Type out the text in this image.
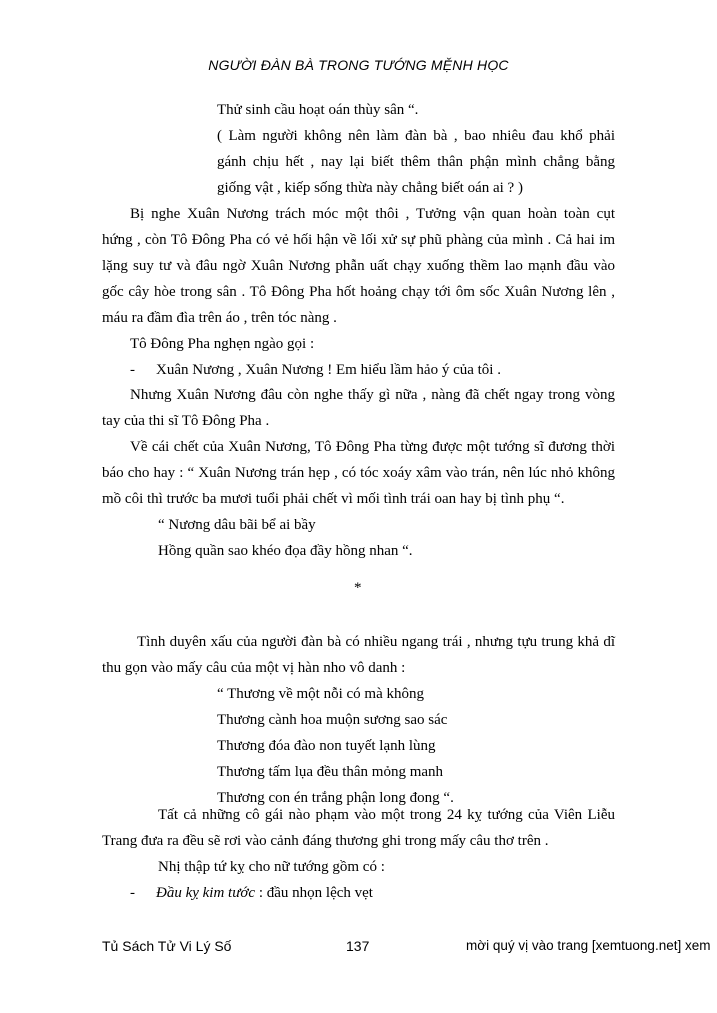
NGƯỜI ĐÀN BÀ TRONG TƯỚNG MỆNH HỌC
Thử sinh cầu hoạt oán thùy sân “.
( Làm người không nên làm đàn bà , bao nhiêu đau khổ phải
gánh chịu hết , nay lại biết thêm thân phận mình chẳng bằng
giống vật , kiếp sống thừa này chẳng biết oán ai ? )
Bị nghe Xuân Nương trách móc một thôi , Tưởng vận quan hoàn toàn cụt
hứng , còn Tô Đông Pha có vẻ hối hận về lối xử sự phũ phàng của mình . Cả hai im
lặng suy tư và đâu ngờ Xuân Nương phẫn uất chạy xuống thềm lao mạnh đầu vào
gốc cây hòe trong sân . Tô Đông Pha hốt hoảng chạy tới ôm sốc Xuân Nương lên ,
máu ra đầm đìa trên áo , trên tóc nàng .
Tô Đông Pha nghẹn ngào gọi :
- Xuân Nương , Xuân Nương ! Em hiểu lầm hảo ý của tôi .
Nhưng Xuân Nương đâu còn nghe thấy gì nữa , nàng đã chết ngay trong vòng
tay của thi sĩ Tô Đông Pha .
Về cái chết của Xuân Nương, Tô Đông Pha từng được một tướng sĩ đương thời
báo cho hay : “ Xuân Nương trán hẹp , có tóc xoáy xâm vào trán, nên lúc nhỏ không
mồ côi thì trước ba mươi tuổi phải chết vì mối tình trái oan hay bị tình phụ “.
“ Nương dâu bãi bể ai bầy
Hồng quần sao khéo đọa đầy hồng nhan “.
*
Tình duyên xấu của người đàn bà có nhiều ngang trái , nhưng tựu trung khả dĩ
thu gọn vào mấy câu của một vị hàn nho vô danh :
“ Thương về một nỗi có mà không
Thương cành hoa muộn sương sao sác
Thương đóa đào non tuyết lạnh lùng
Thương tấm lụa đều thân mỏng manh
Thương con én trắng phận long đong “.
Tất cả những cô gái nào phạm vào một trong 24 kỵ tướng của Viên Liễu
Trang đưa ra đều sẽ rơi vào cảnh đáng thương ghi trong mấy câu thơ trên .
Nhị thập tứ kỵ cho nữ tướng gồm có :
- Đầu kỵ kim tước : đầu nhọn lệch vẹt
Tủ Sách Tử Vi Lý Số	137	mời quý vị vào trang [xemtuong.net] xem
